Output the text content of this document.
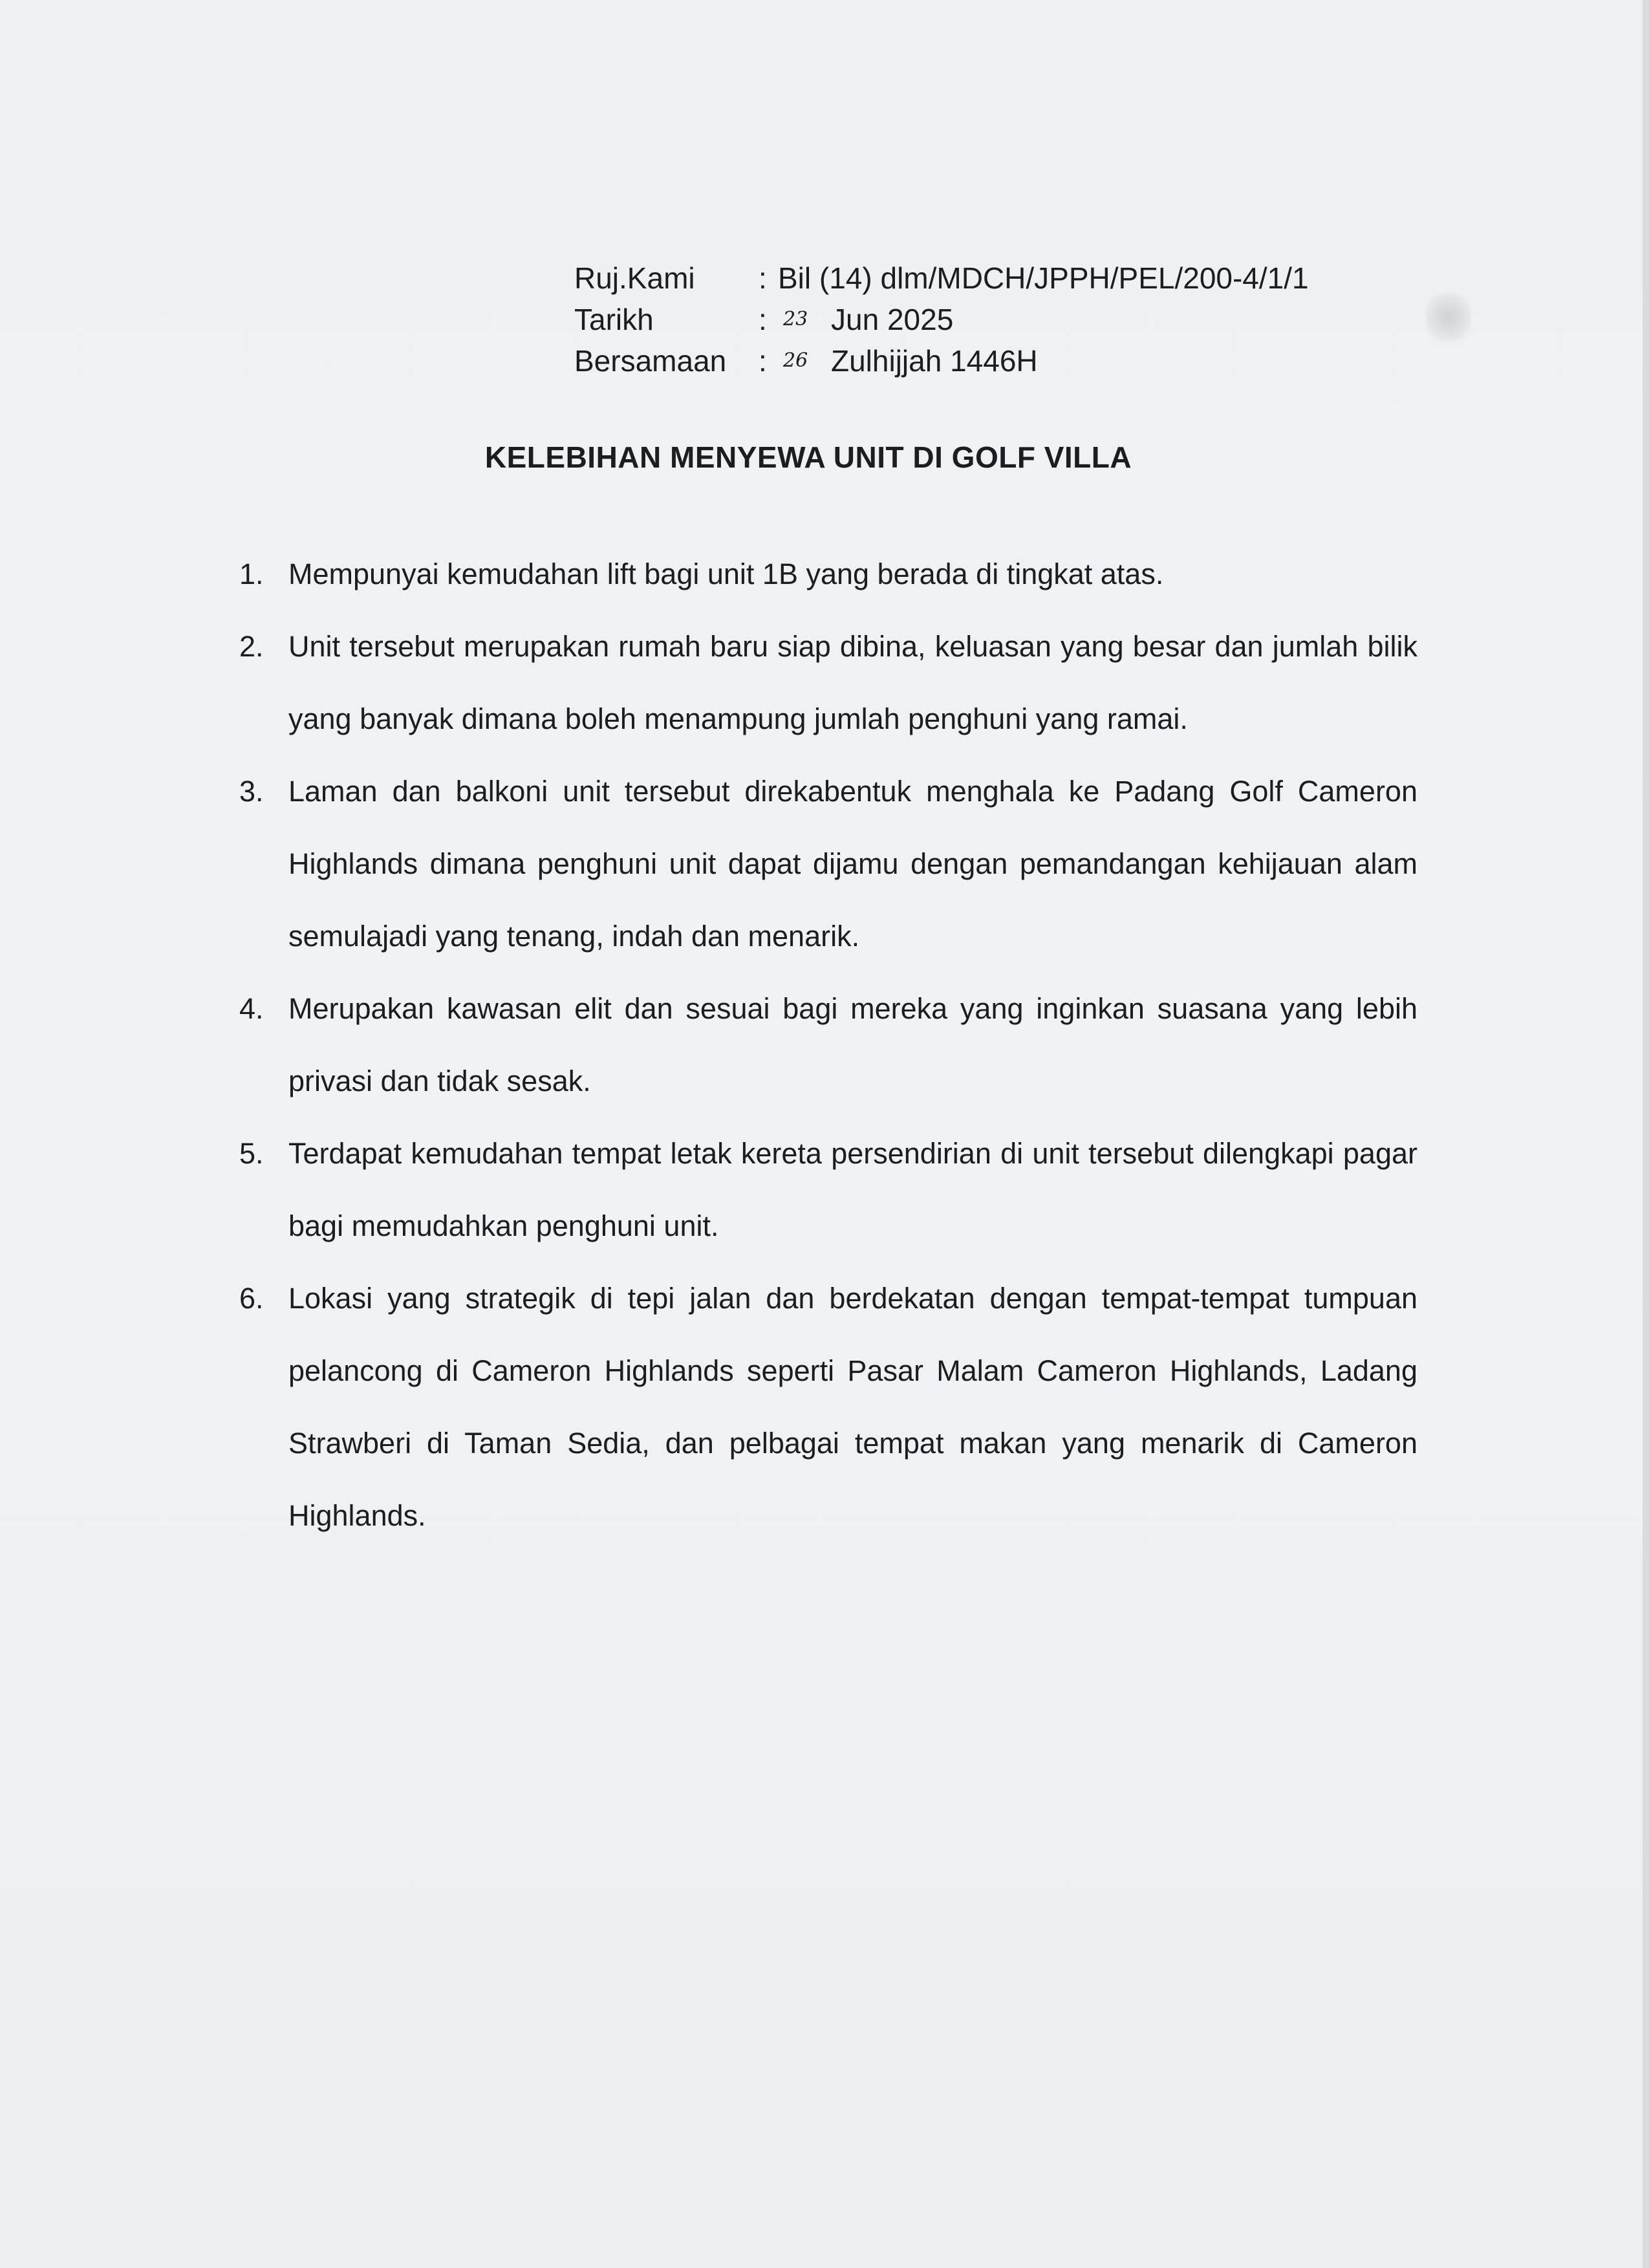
Ruj.Kami	: Bil (14) dlm/MDCH/JPPH/PEL/200-4/1/1
Tarikh	: 23 Jun 2025
Bersamaan	: 26 Zulhijjah 1446H
KELEBIHAN MENYEWA UNIT DI GOLF VILLA
1. Mempunyai kemudahan lift bagi unit 1B yang berada di tingkat atas.
2. Unit tersebut merupakan rumah baru siap dibina, keluasan yang besar dan jumlah bilik yang banyak dimana boleh menampung jumlah penghuni yang ramai.
3. Laman dan balkoni unit tersebut direkabentuk menghala ke Padang Golf Cameron Highlands dimana penghuni unit dapat dijamu dengan pemandangan kehijauan alam semulajadi yang tenang, indah dan menarik.
4. Merupakan kawasan elit dan sesuai bagi mereka yang inginkan suasana yang lebih privasi dan tidak sesak.
5. Terdapat kemudahan tempat letak kereta persendirian di unit tersebut dilengkapi pagar bagi memudahkan penghuni unit.
6. Lokasi yang strategik di tepi jalan dan berdekatan dengan tempat-tempat tumpuan pelancong di Cameron Highlands seperti Pasar Malam Cameron Highlands, Ladang Strawberi di Taman Sedia, dan pelbagai tempat makan yang menarik di Cameron Highlands.
